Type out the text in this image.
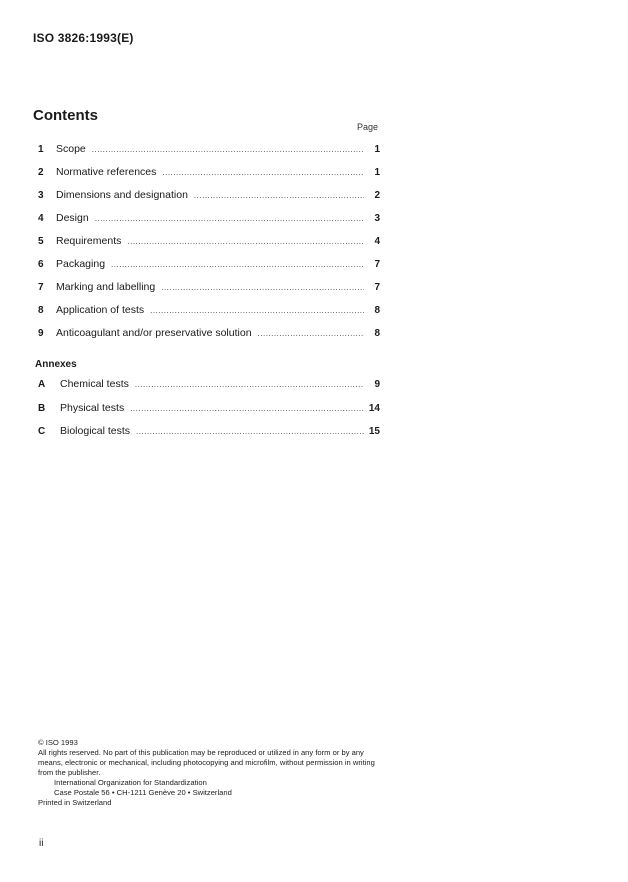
ISO 3826:1993(E)
Contents
Page
1	Scope .....	1
2	Normative references .....	1
3	Dimensions and designation .....	2
4	Design .....	3
5	Requirements .....	4
6	Packaging .....	7
7	Marking and labelling .....	7
8	Application of tests .....	8
9	Anticoagulant and/or preservative solution .....	8
Annexes
A	Chemical tests .....	9
B	Physical tests .....	14
C	Biological tests .....	15
© ISO 1993
All rights reserved. No part of this publication may be reproduced or utilized in any form or by any means, electronic or mechanical, including photocopying and microfilm, without permission in writing from the publisher.
International Organization for Standardization
Case Postale 56 • CH-1211 Genève 20 • Switzerland
Printed in Switzerland
ii
